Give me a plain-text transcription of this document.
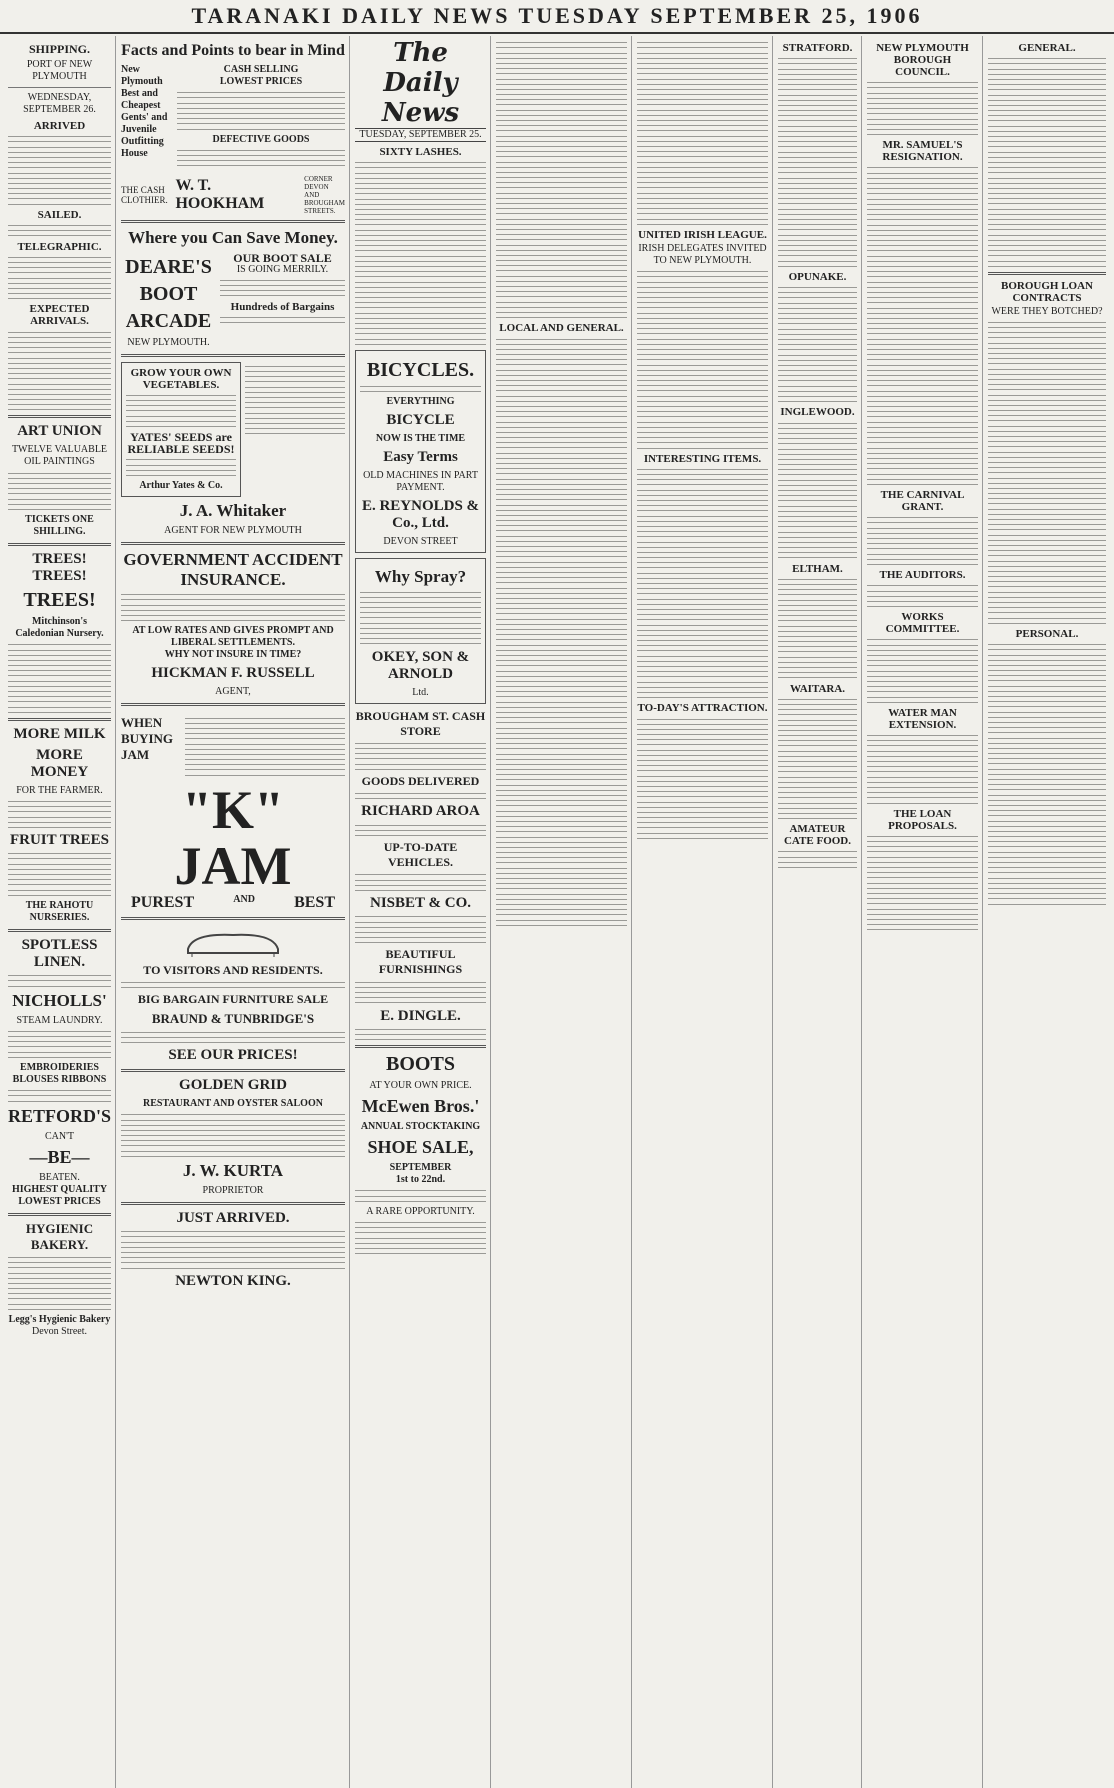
TARANAKI DAILY NEWS TUESDAY SEPTEMBER 25, 1906
SHIPPING.
PORT OF NEW PLYMOUTH
WEDNESDAY, SEPTEMBER 26.
ARRIVED
SAILED.
TELEGRAPHIC.
EXPECTED ARRIVALS.
ART UNION
TWELVE VALUABLE OIL PAINTINGS
TICKETS ONE SHILLING.
TREES! TREES!
TREES!
Mitchinson's Caledonian Nursery.
MORE MILK
MORE MONEY
FOR THE FARMER.
FRUIT TREES
THE RAHOTU NURSERIES.
SPOTLESS LINEN.
NICHOLLS'
STEAM LAUNDRY.
EMBROIDERIES BLOUSES RIBBONS
RETFORD'S
CAN'T
—BE—
BEATEN.
HIGHEST QUALITY LOWEST PRICES
HYGIENIC BAKERY.
Legg's Hygienic Bakery
Devon Street.
Facts and Points to bear in Mind
New Plymouth Best and Cheapest Gents' and Juvenile Outfitting House
CASH SELLING
LOWEST PRICES
DEFECTIVE GOODS
THE CASH CLOTHIER.
W. T. HOOKHAM
CORNER DEVON AND BROUGHAM STREETS.
Where you Can Save Money.
DEARE'S
BOOT
ARCADE
NEW PLYMOUTH.
OUR BOOT SALE
IS GOING MERRILY.
Hundreds of Bargains
GROW YOUR OWN VEGETABLES.
YATES' SEEDS are RELIABLE SEEDS!
Arthur Yates & Co.
J. A. Whitaker
AGENT FOR NEW PLYMOUTH
GOVERNMENT ACCIDENT INSURANCE.
AT LOW RATES AND GIVES PROMPT AND LIBERAL SETTLEMENTS.
WHY NOT INSURE IN TIME?
HICKMAN F. RUSSELL
AGENT,
WHEN BUYING JAM
"K" JAM
PUREST	AND BEST
TO VISITORS AND RESIDENTS.
BIG BARGAIN FURNITURE SALE
BRAUND & TUNBRIDGE'S
SEE OUR PRICES!
GOLDEN GRID
RESTAURANT AND OYSTER SALOON
J. W. KURTA
PROPRIETOR
JUST ARRIVED.
NEWTON KING.
The Daily News
TUESDAY, SEPTEMBER 25.
SIXTY LASHES.
BICYCLES.
EVERYTHING
BICYCLE
NOW IS THE TIME
Easy Terms
OLD MACHINES IN PART PAYMENT.
E. REYNOLDS & Co., Ltd.
DEVON STREET
Why Spray?
OKEY, SON & ARNOLD
Ltd.
BROUGHAM ST. CASH STORE
GOODS DELIVERED
RICHARD AROA
UP-TO-DATE VEHICLES.
NISBET & CO.
BEAUTIFUL FURNISHINGS
E. DINGLE.
BOOTS
AT YOUR OWN PRICE.
McEwen Bros.'
ANNUAL STOCKTAKING
SHOE SALE,
SEPTEMBER
1st to 22nd.
A RARE OPPORTUNITY.
LOCAL AND GENERAL.
UNITED IRISH LEAGUE.
IRISH DELEGATES INVITED TO NEW PLYMOUTH.
INTERESTING ITEMS.
TO-DAY'S ATTRACTION.
STRATFORD.
OPUNAKE.
INGLEWOOD.
ELTHAM.
WAITARA.
AMATEUR CATE FOOD.
NEW PLYMOUTH BOROUGH COUNCIL.
MR. SAMUEL'S RESIGNATION.
THE CARNIVAL GRANT.
THE AUDITORS.
WORKS COMMITTEE.
WATER MAN EXTENSION.
THE LOAN PROPOSALS.
GENERAL.
BOROUGH LOAN CONTRACTS
WERE THEY BOTCHED?
PERSONAL.
